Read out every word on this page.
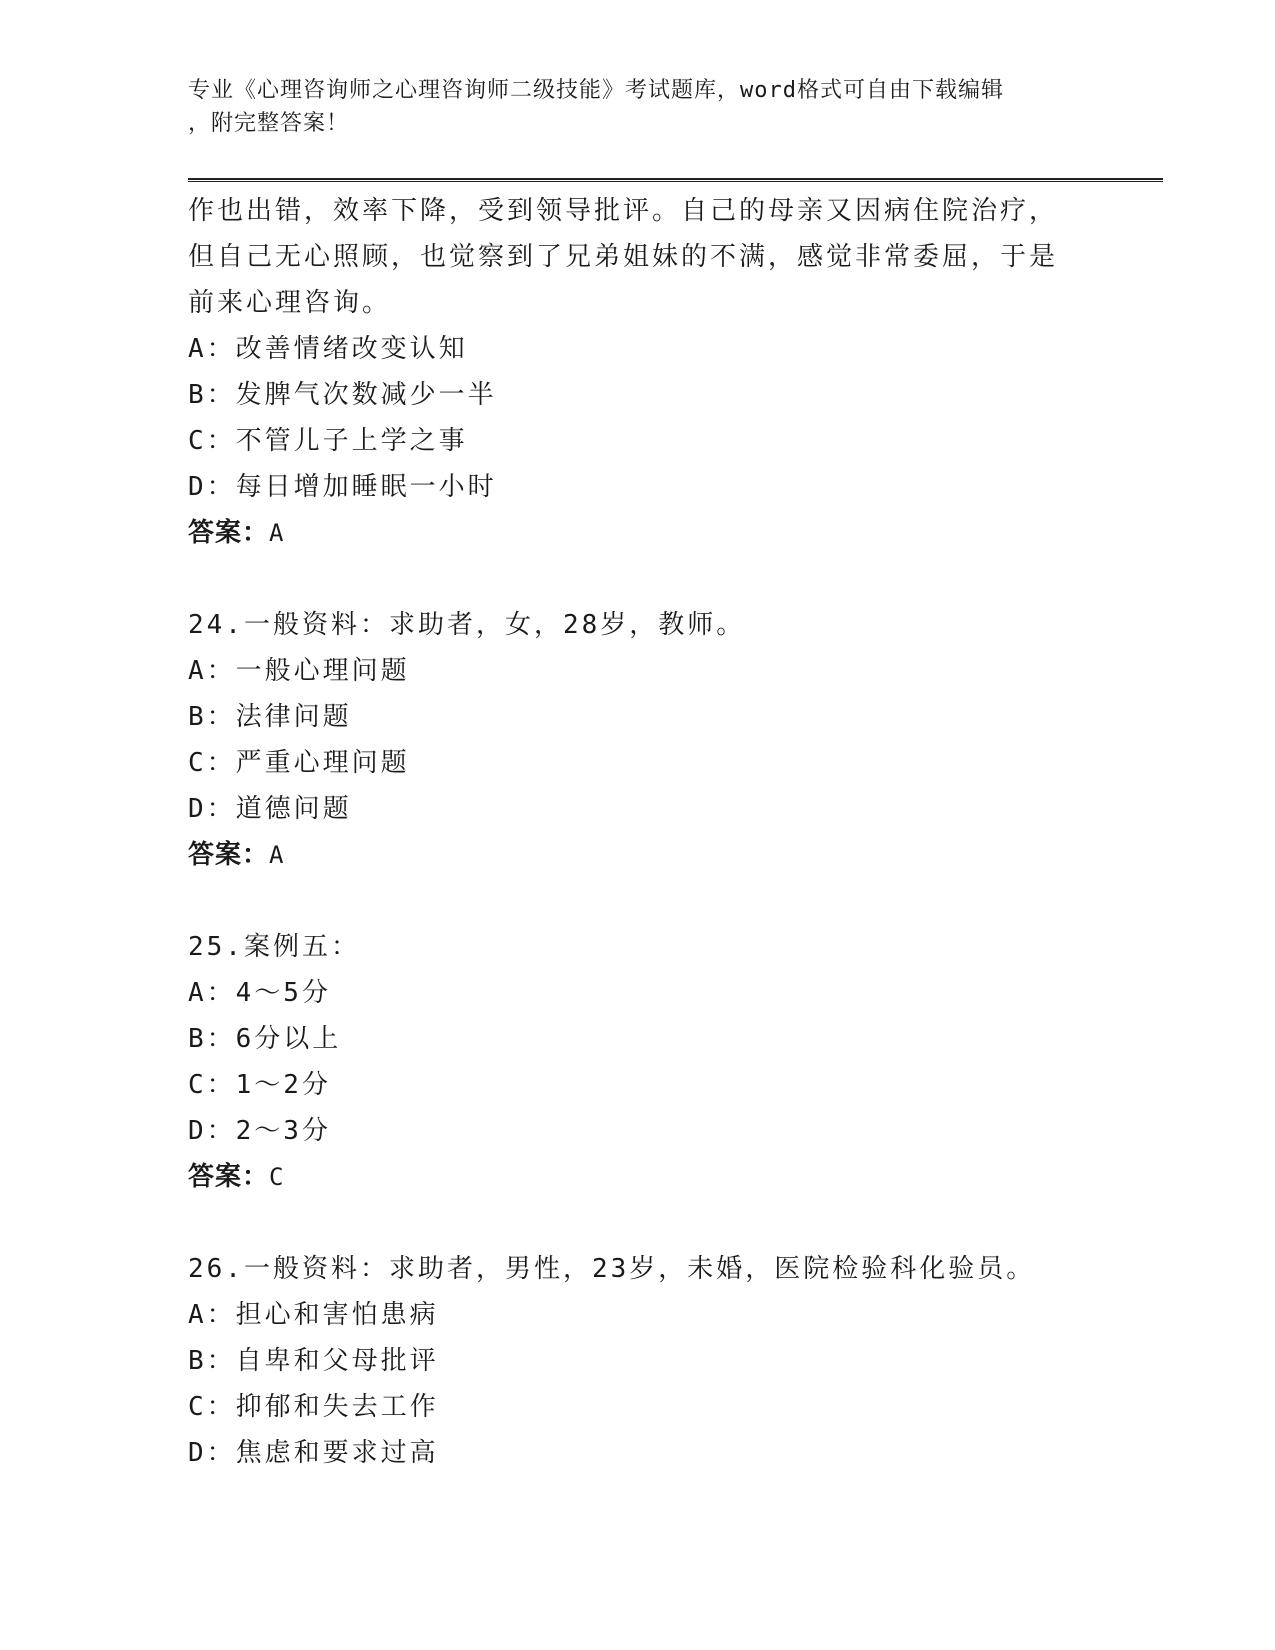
专业《心理咨询师之心理咨询师二级技能》考试题库，word格式可自由下载编辑
，附完整答案！
作也出错，效率下降，受到领导批评。自己的母亲又因病住院治疗，
但自己无心照顾，也觉察到了兄弟姐妹的不满，感觉非常委屈，于是
前来心理咨询。
A：改善情绪改变认知
B：发脾气次数减少一半
C：不管儿子上学之事
D：每日增加睡眠一小时
答案：A
24.一般资料：求助者，女，28岁，教师。
A：一般心理问题
B：法律问题
C：严重心理问题
D：道德问题
答案：A
25.案例五：
A：4～5分
B：6分以上
C：1～2分
D：2～3分
答案：C
26.一般资料：求助者，男性，23岁，未婚，医院检验科化验员。
A：担心和害怕患病
B：自卑和父母批评
C：抑郁和失去工作
D：焦虑和要求过高
